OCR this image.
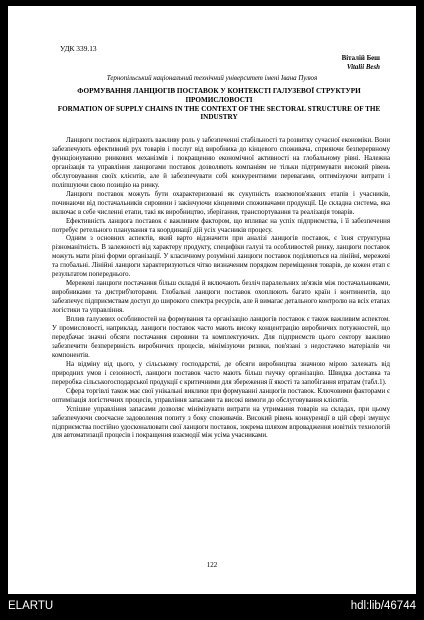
УДК 339.13
Віталій Беш
Vitalii Besh
Тернопільський національний технічний університет імені Івана Пулюя
ФОРМУВАННЯ ЛАНЦЮГІВ ПОСТАВОК У КОНТЕКСТІ ГАЛУЗЕВОЇ СТРУКТУРИ ПРОМИСЛОВОСТІ
FORMATION OF SUPPLY CHAINS IN THE CONTEXT OF THE SECTORAL STRUCTURE OF THE INDUSTRY

Ланцюги поставок відіграють важливу роль у забезпеченні стабільності та розвитку сучасної економіки. Вони забезпечують ефективний рух товарів і послуг від виробника до кінцевого споживача, сприяючи безперервному функціонуванню ринкових механізмів і покращенню економічної активності на глобальному рівні. Належна організація та управління ланцюгами поставок дозволяють компаніям не тільки підтримувати високий рівень обслуговування своїх клієнтів, але й забезпечувати собі конкурентними перевагами, оптимізуючи витрати і поліпшуючи свою позицію на ринку.

Ланцюги поставок можуть бути охарактеризовані як сукупність взаємопов'язаних етапів і учасників, починаючи від постачальників сировини і закінчуючи кінцевими споживачами продукції. Це складна система, яка включає в себе численні етапи, такі як виробництво, зберігання, транспортування та реалізація товарів.

Ефективність ланцюга поставок є важливим фактором, що впливає на успіх підприємства, і її забезпечення потребує ретельного планування та координації дій усіх учасників процесу.

Одним з основних аспектів, який варто відзначити при аналізі ланцюгів поставок, є їхня структурна різноманітність. В залежності від характеру продукту, специфіки галузі та особливостей ринку, ланцюги поставок можуть мати різні форми організації. У класичному розумінні ланцюги поставок поділяються на лінійні, мережеві та глобальні. Лінійні ланцюги характеризуються чітко визначеним порядком переміщення товарів, де кожен етап є результатом попереднього.

Мережеві ланцюги постачання більш складні й включають безліч паралельних зв'язків між постачальниками, виробниками та дистриб'юторами. Глобальні ланцюги поставок охоплюють багато країн і континентів, що забезпечує підприємствам доступ до широкого спектра ресурсів, але й вимагає детального контролю на всіх етапах логістики та управління.

Вплив галузевих особливостей на формування та організацію ланцюгів поставок є також важливим аспектом. У промисловості, наприклад, ланцюги поставок часто мають високу концентрацію виробничих потужностей, що передбачає значні обсяги постачання сировини та комплектуючих. Для підприємств цього сектору важливо забезпечити безперервність виробничих процесів, мінімізуючи ризики, пов'язані з недостачею матеріалів чи компонентів.

На відміну від цього, у сільському господарстві, де обсяги виробництва значною мірою залежать від природних умов і сезонності, ланцюги поставок часто мають більш гнучку організацію. Швидка доставка та переробка сільськогосподарської продукції є критичними для збереження її якості та запобігання втратам (табл.1).

Сфера торгівлі також має свої унікальні виклики при формуванні ланцюгів поставок. Ключовими факторами є оптимізація логістичних процесів, управління запасами та високі вимоги до обслуговування клієнтів.

Успішне управління запасами дозволяє мінімізувати витрати на утримання товарів на складах, при цьому забезпечуючи своєчасне задоволення попиту з боку споживачів. Високий рівень конкуренції в цій сфері змушує підприємства постійно удосконалювати свої ланцюги поставок, зокрема шляхом впровадження новітніх технологій для автоматизації процесів і покращення взаємодії між усіма учасниками.

122
ELARTU	hdl:lib/46744
